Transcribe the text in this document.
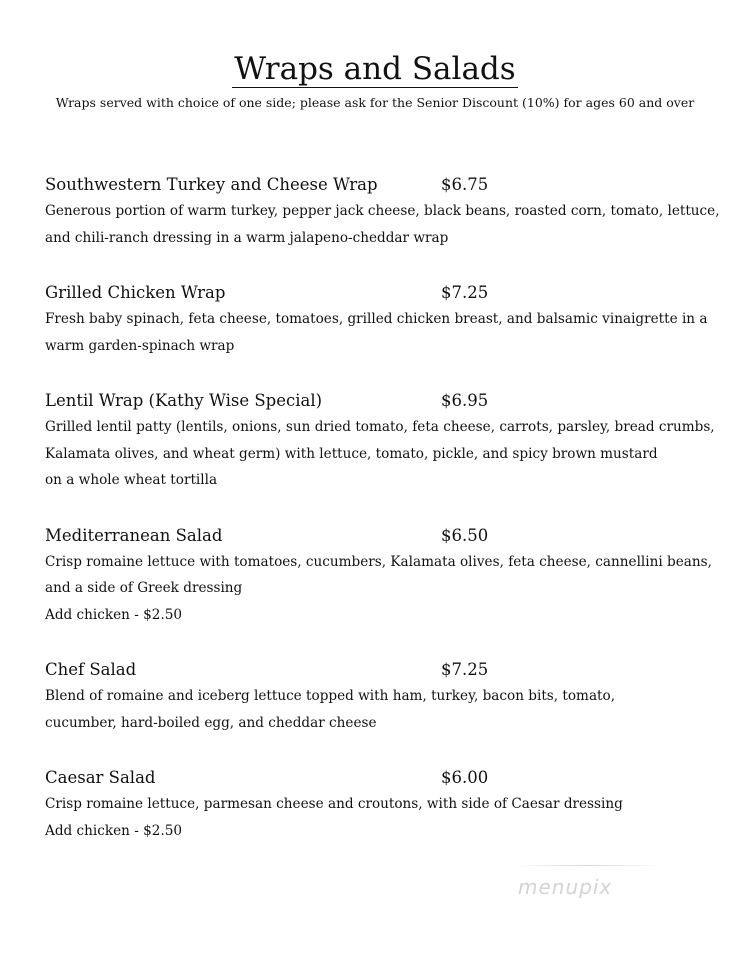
Wraps and Salads
Wraps served with choice of one side; please ask for the Senior Discount (10%) for ages 60 and over
Southwestern Turkey and Cheese Wrap	$6.75
Generous portion of warm turkey, pepper jack cheese, black beans, roasted corn, tomato, lettuce,
and chili-ranch dressing in a warm jalapeno-cheddar wrap
Grilled Chicken Wrap	$7.25
Fresh baby spinach, feta cheese, tomatoes, grilled chicken breast, and balsamic vinaigrette in a
warm garden-spinach wrap
Lentil Wrap (Kathy Wise Special)	$6.95
Grilled lentil patty (lentils, onions, sun dried tomato, feta cheese, carrots, parsley, bread crumbs,
Kalamata olives, and wheat germ) with lettuce, tomato, pickle, and spicy brown mustard
on a whole wheat tortilla
Mediterranean Salad	$6.50
Crisp romaine lettuce with tomatoes, cucumbers, Kalamata olives, feta cheese, cannellini beans,
and a side of Greek dressing
Add chicken - $2.50
Chef Salad	$7.25
Blend of romaine and iceberg lettuce topped with ham, turkey, bacon bits, tomato,
cucumber, hard-boiled egg, and cheddar cheese
Caesar Salad	$6.00
Crisp romaine lettuce, parmesan cheese and croutons, with side of Caesar dressing
Add chicken - $2.50
menupix
